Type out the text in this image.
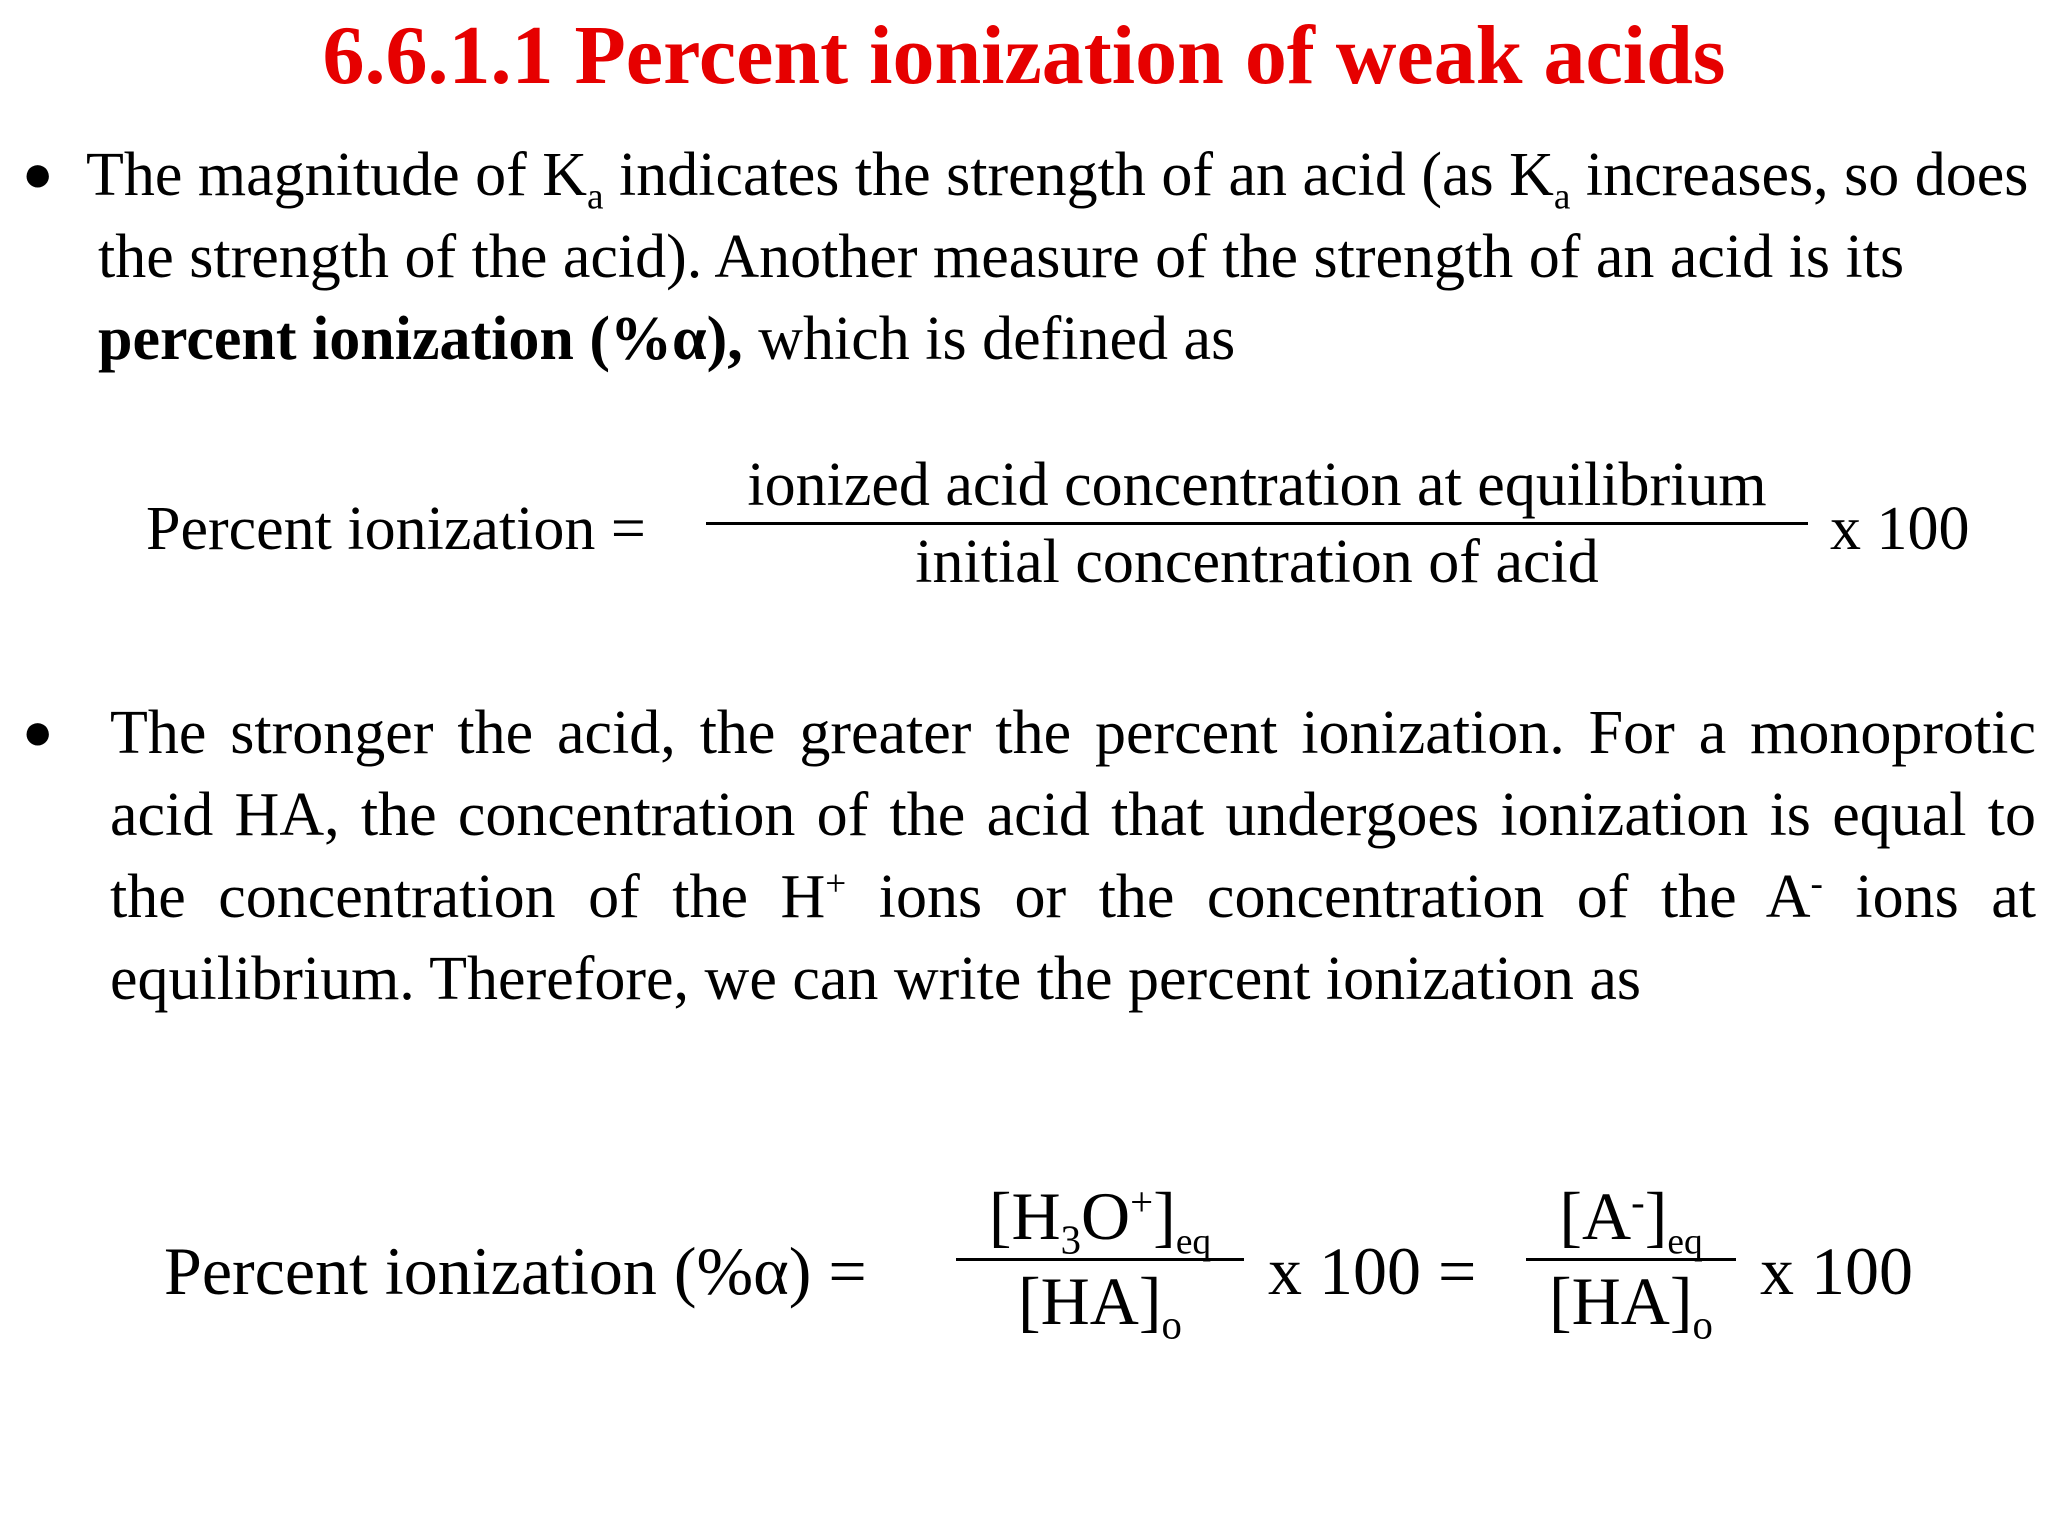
6.6.1.1 Percent ionization of weak acids
● The magnitude of $K_a$ indicates the strength of an acid (as $K_a$ increases, so does the strength of the acid). Another measure of the strength of an acid is its percent ionization (%α), which is defined as

Percent ionization =
ionized acid concentration at equilibrium
initial concentration of acid	x 100
● The stronger the acid, the greater the percent ionization. For a monoprotic acid HA, the concentration of the acid that undergoes ionization is equal to the concentration of the H+ ions or the concentration of the A- ions at equilibrium. Therefore, we can write the percent ionization as

Percent ionization (%α) =
$[H_3O^+]_{eq}$
$[HA]_o$
x 100 =
$[A^-]_{eq}$
$[HA]_o$
x 100
